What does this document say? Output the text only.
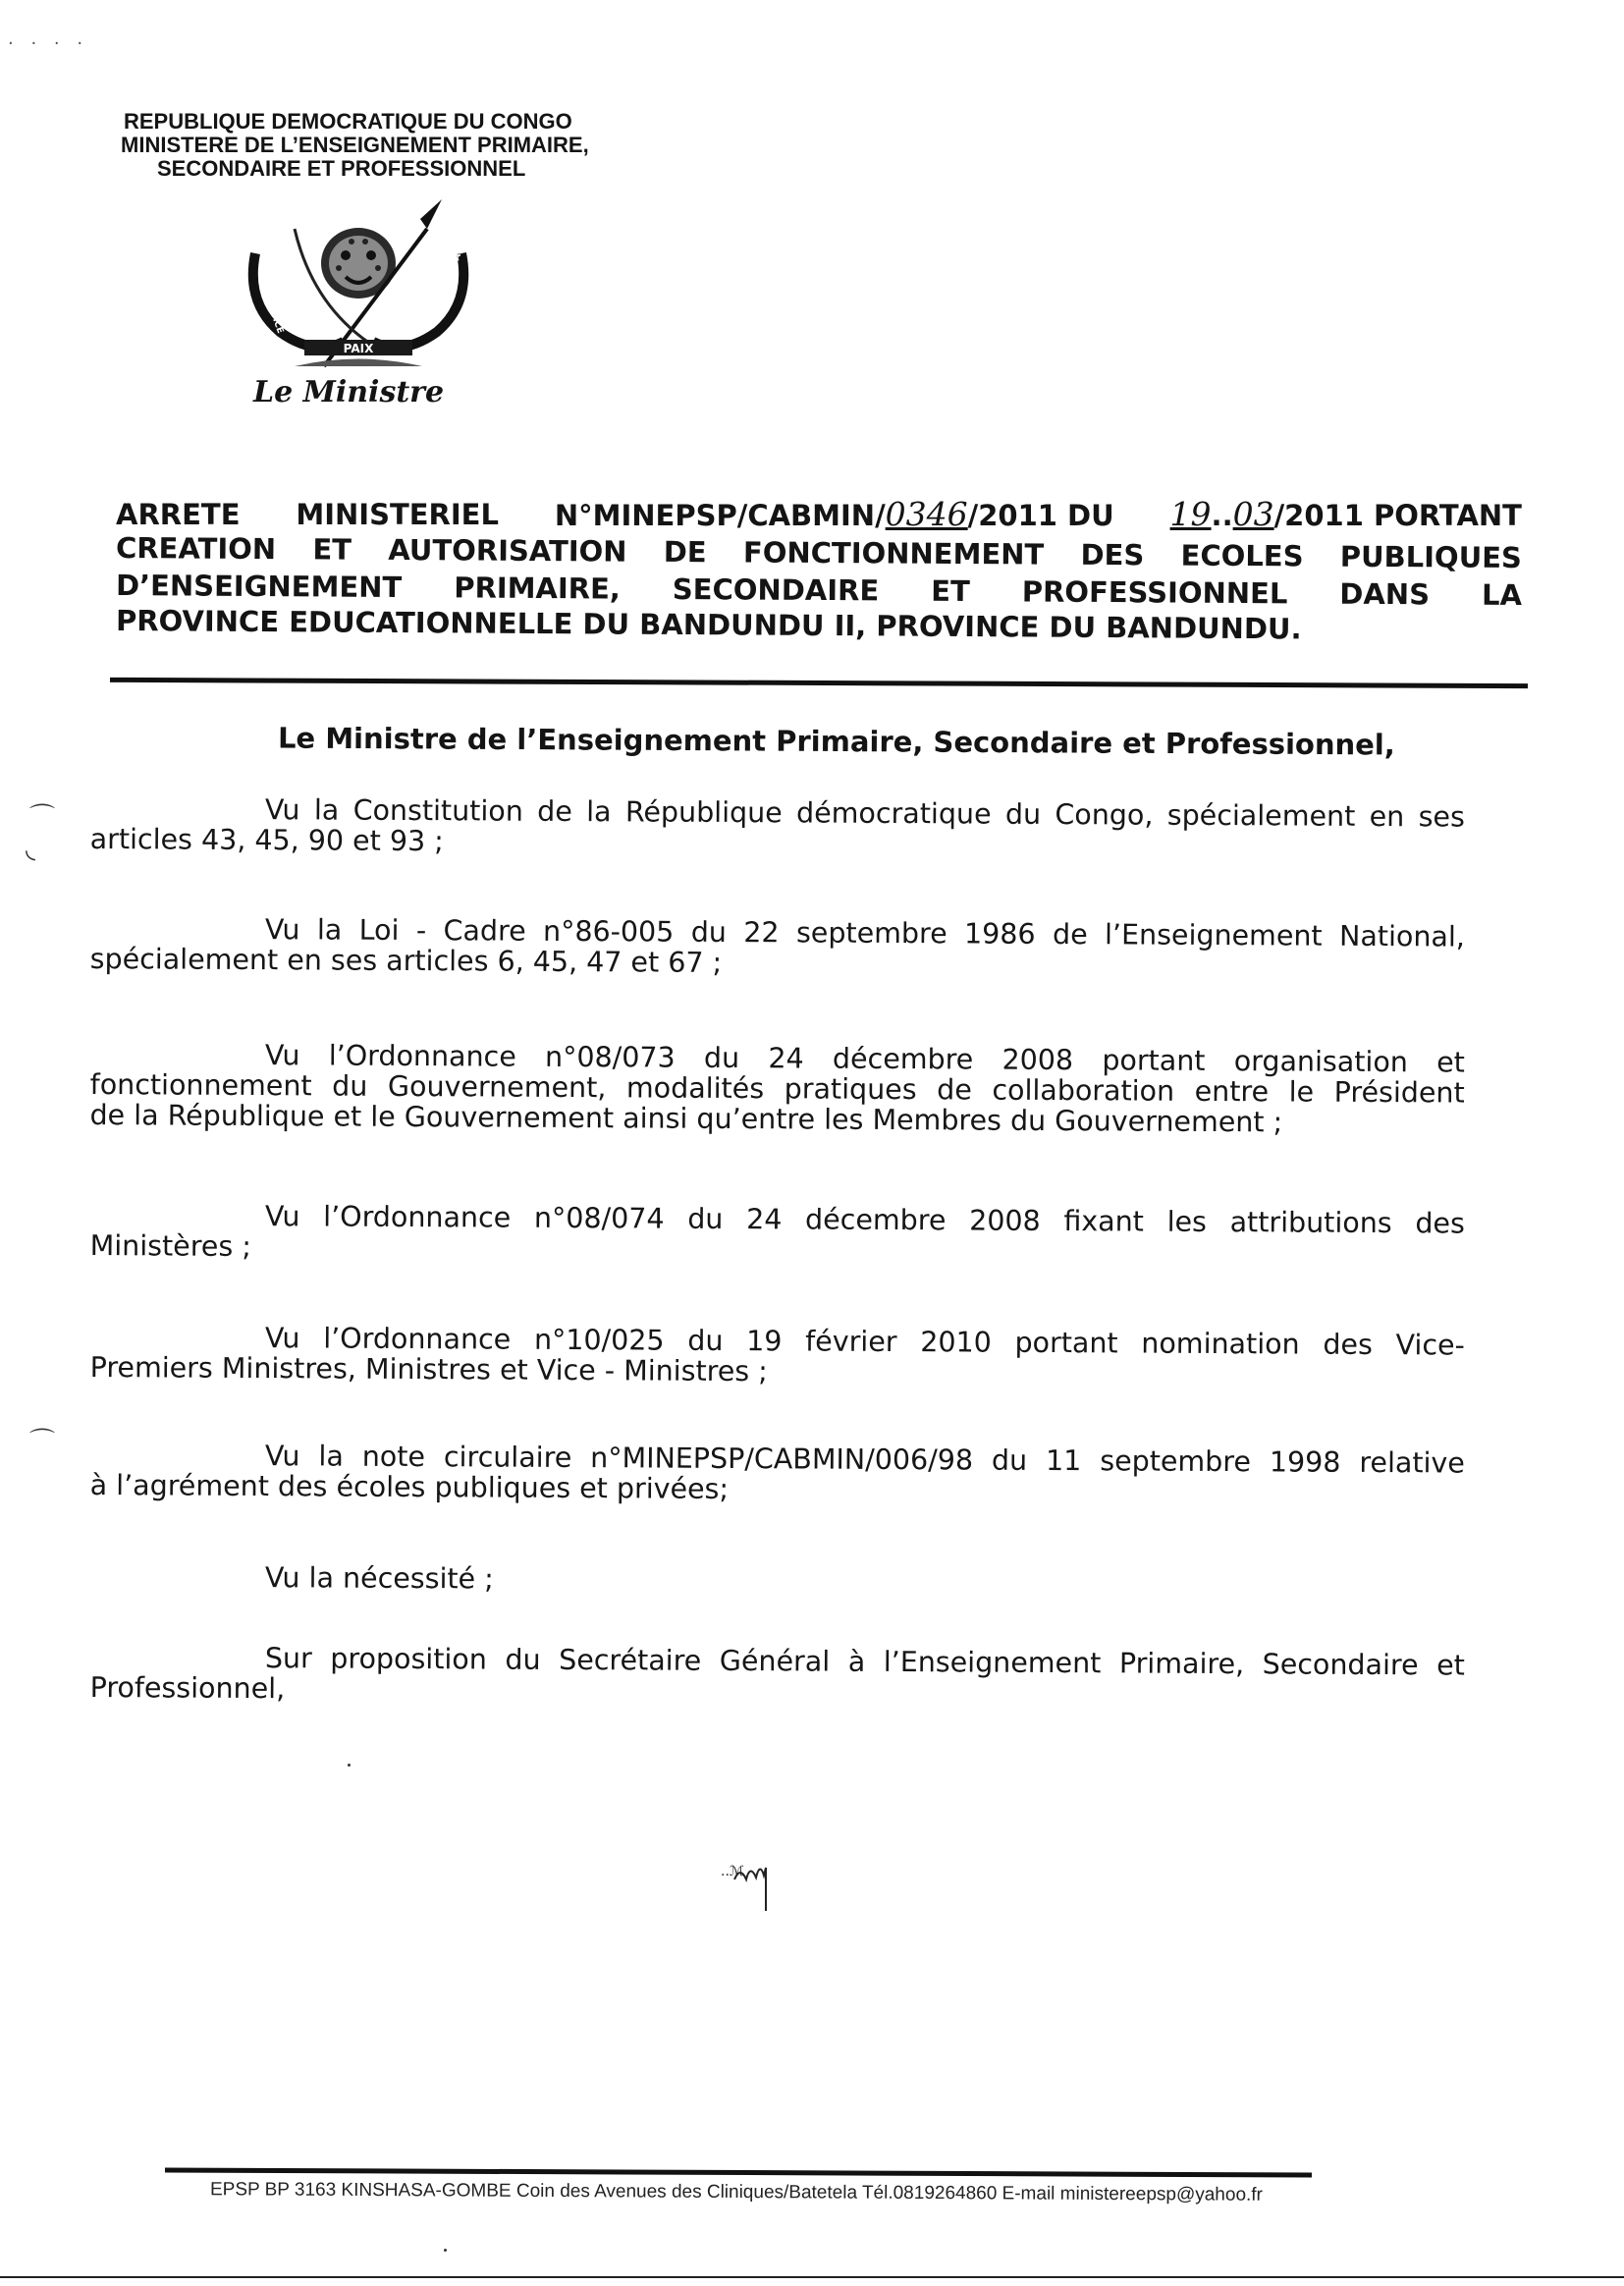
· · · ·
REPUBLIQUE DEMOCRATIQUE DU CONGO
MINISTERE DE L’ENSEIGNEMENT PRIMAIRE,
SECONDAIRE ET PROFESSIONNEL
PAIX
JUSTICE
TRAVAIL
Le Ministre
ARRETE MINISTERIEL N°MINEPSP/CABMIN/0346/2011 DU 19..03/2011 PORTANT
CREATION ET AUTORISATION DE FONCTIONNEMENT DES ECOLES PUBLIQUES
D’ENSEIGNEMENT PRIMAIRE, SECONDAIRE ET PROFESSIONNEL DANS LA
PROVINCE EDUCATIONNELLE DU BANDUNDU II, PROVINCE DU BANDUNDU.
Le Ministre de l’Enseignement Primaire, Secondaire et Professionnel,
⌒
◟
⌒
Vu la Constitution de la République démocratique du Congo, spécialement en ses
articles 43, 45, 90 et 93 ;
Vu la Loi - Cadre n°86-005 du 22 septembre 1986 de l’Enseignement National,
spécialement en ses articles 6, 45, 47 et 67 ;
Vu l’Ordonnance n°08/073 du 24 décembre 2008 portant organisation et
fonctionnement du Gouvernement, modalités pratiques de collaboration entre le Président
de la République et le Gouvernement ainsi qu’entre les Membres du Gouvernement ;
Vu l’Ordonnance n°08/074 du 24 décembre 2008 fixant les attributions des
Ministères ;
Vu l’Ordonnance n°10/025 du 19 février 2010 portant nomination des Vice-
Premiers Ministres, Ministres et Vice - Ministres ;
Vu la note circulaire n°MINEPSP/CABMIN/006/98 du 11 septembre 1998 relative
à l’agrément des écoles publiques et privées;
Vu la nécessité ;
Sur proposition du Secrétaire Général à l’Enseignement Primaire, Secondaire et
Professionnel,
..ℳ
EPSP BP 3163 KINSHASA-GOMBE Coin des Avenues des Cliniques/Batetela Tél.0819264860 E-mail ministereepsp@yahoo.fr
